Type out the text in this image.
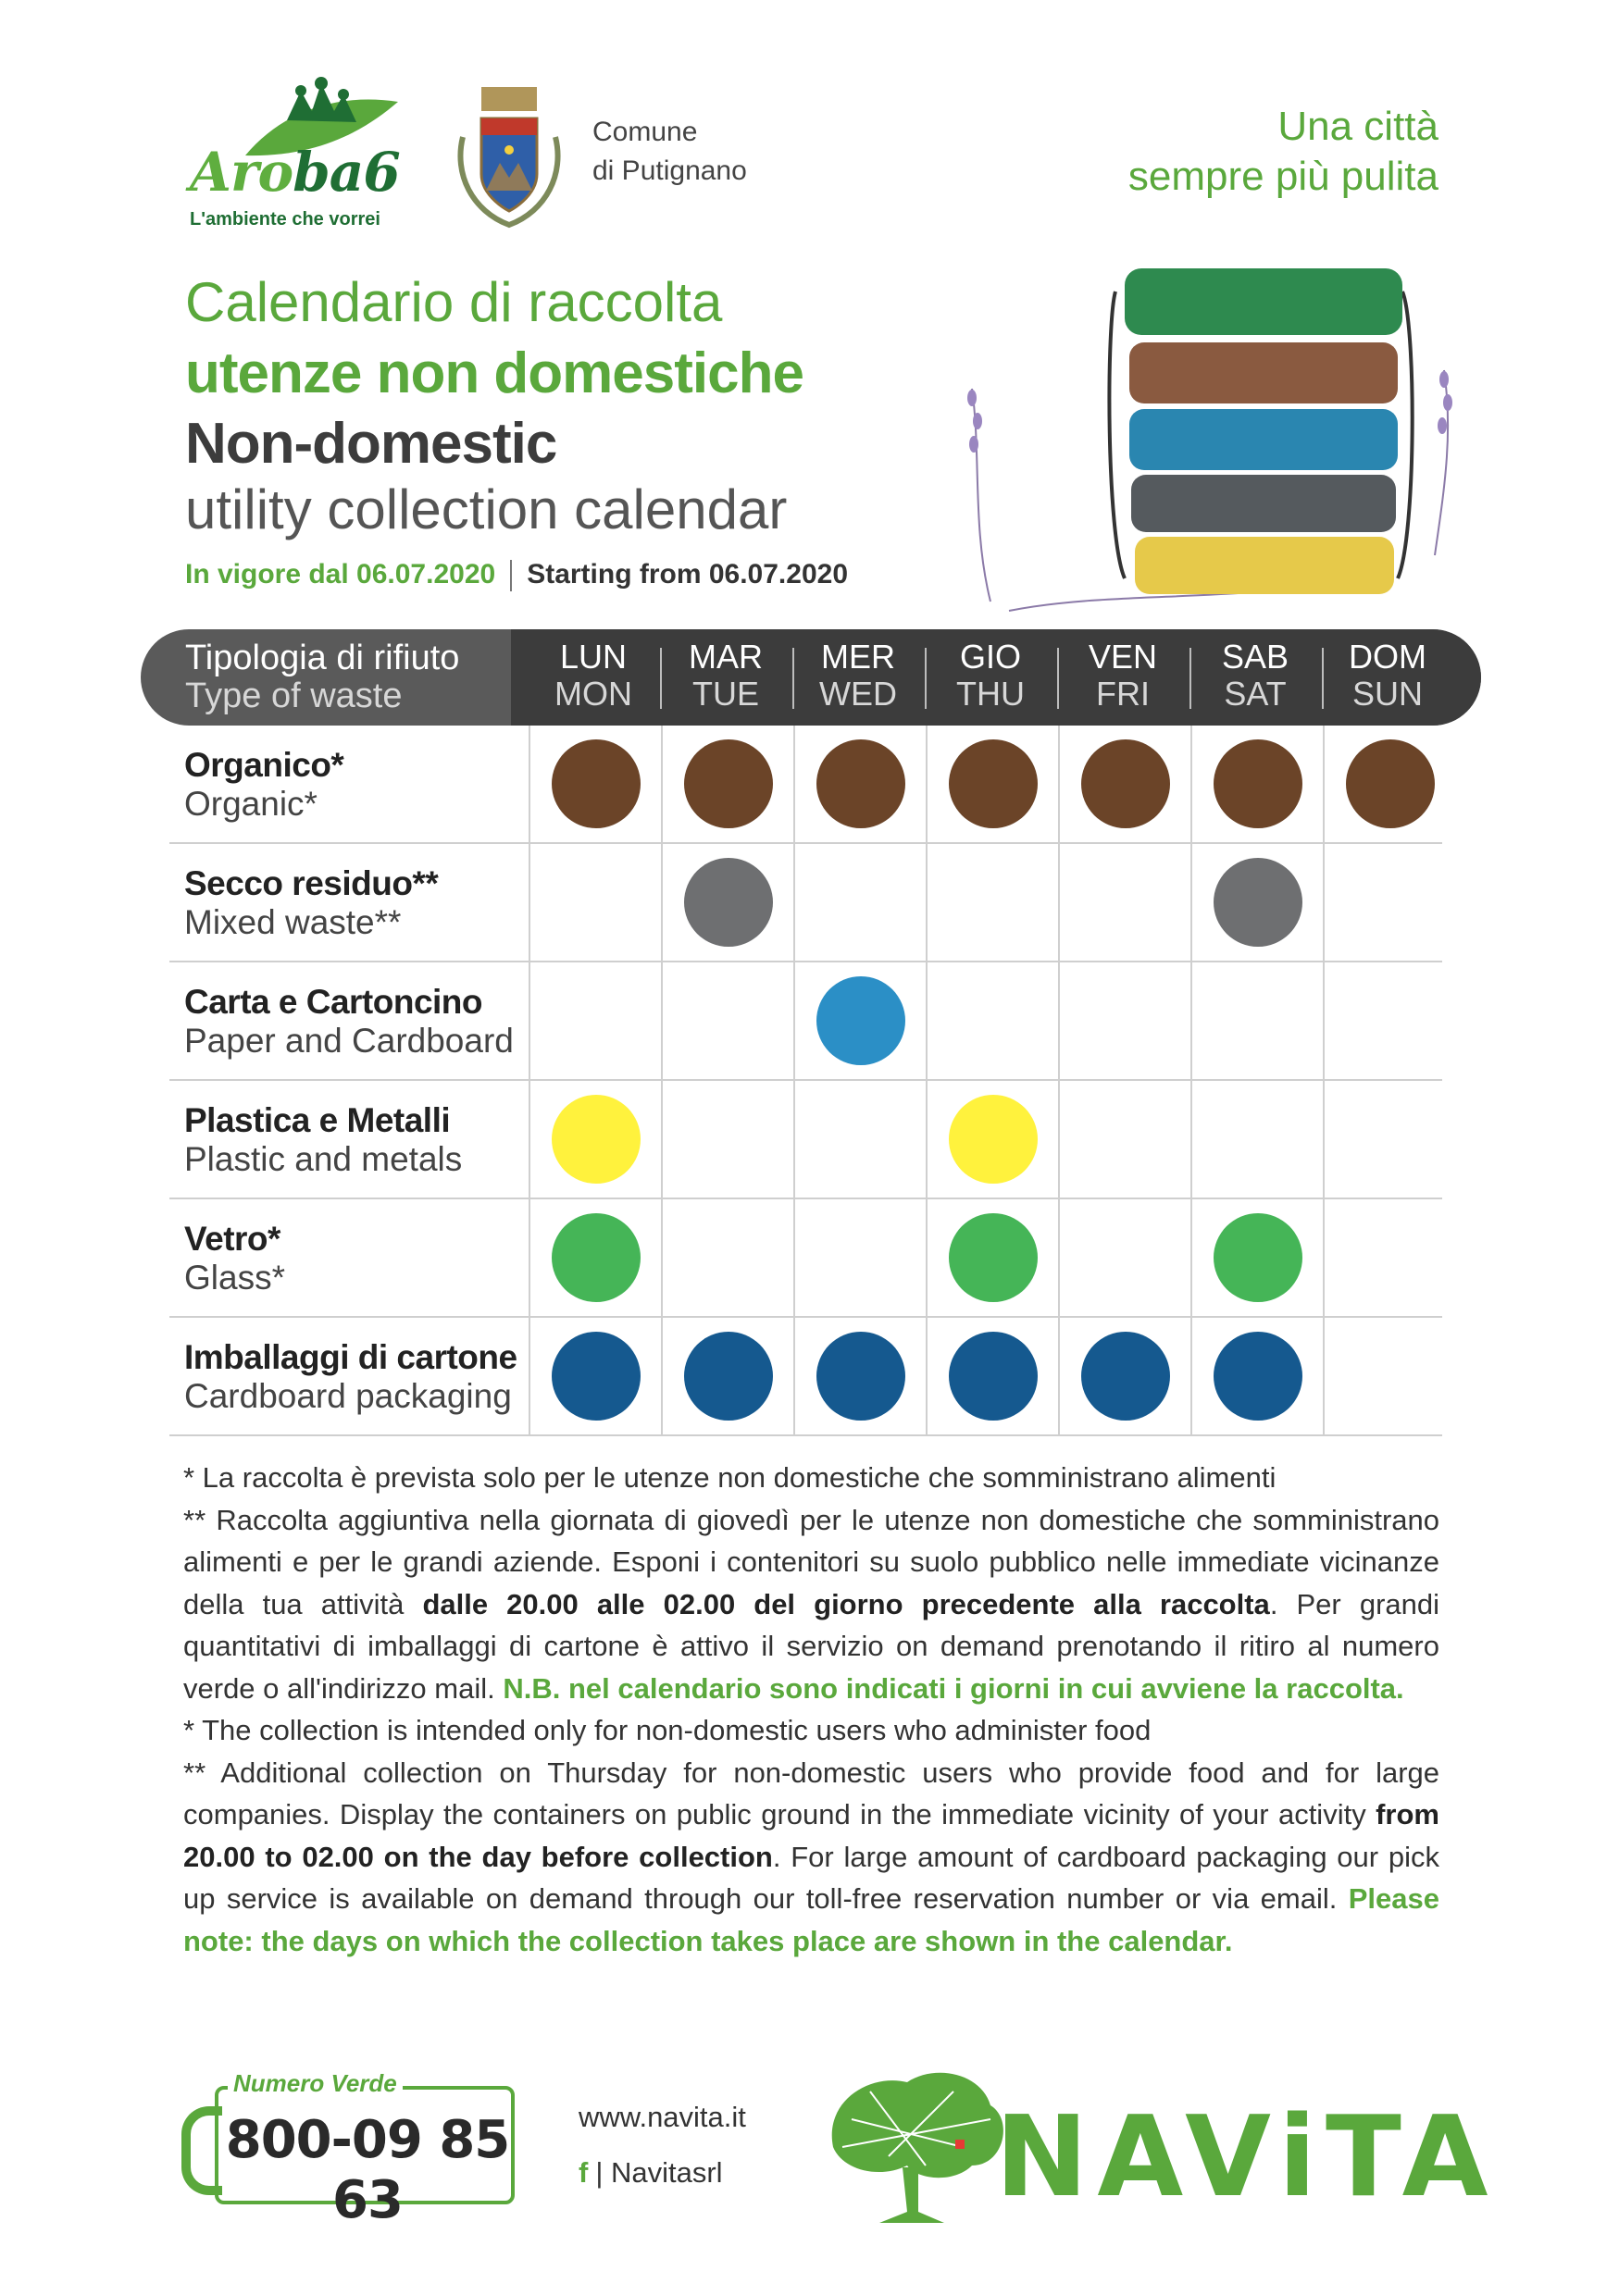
Aroba6
L'ambiente che vorrei
Comune
di Putignano
Una città
sempre più pulita
Calendario di raccolta
utenze non domestiche
Non-domestic
utility collection calendar
In vigore dal 06.07.2020 Starting from 06.07.2020
Tipologia di rifiuto
Type of waste
LUN
MON
MAR
TUE
MER
WED
GIO
THU
VEN
FRI
SAB
SAT
DOM
SUN
Organico*
Organic*
Secco residuo**
Mixed waste**
Carta e Cartoncino
Paper and Cardboard
Plastica e Metalli
Plastic and metals
Vetro*
Glass*
Imballaggi di cartone
Cardboard packaging

* La raccolta è prevista solo per le utenze non domestiche che somministrano alimenti

** Raccolta aggiuntiva nella giornata di giovedì per le utenze non domestiche che somministrano alimenti e per le grandi aziende. Esponi i contenitori su suolo pubblico nelle immediate vicinanze della tua attività dalle 20.00 alle 02.00 del giorno precedente alla raccolta. Per grandi quantitativi di imballaggi di cartone è attivo il servizio on demand prenotando il ritiro al numero verde o all'indirizzo mail. N.B. nel calendario sono indicati i giorni in cui avviene la raccolta.

* The collection is intended only for non-domestic users who administer food

** Additional collection on Thursday for non-domestic users who provide food and for large companies. Display the containers on public ground in the immediate vicinity of your activity from 20.00 to 02.00 on the day before collection. For large amount of cardboard packaging our pick up service is available on demand through our toll-free reservation number or via email. Please note: the days on which the collection takes place are shown in the calendar.

Numero Verde
800-09 85 63
www.navita.it
f | Navitasrl NAViTA
